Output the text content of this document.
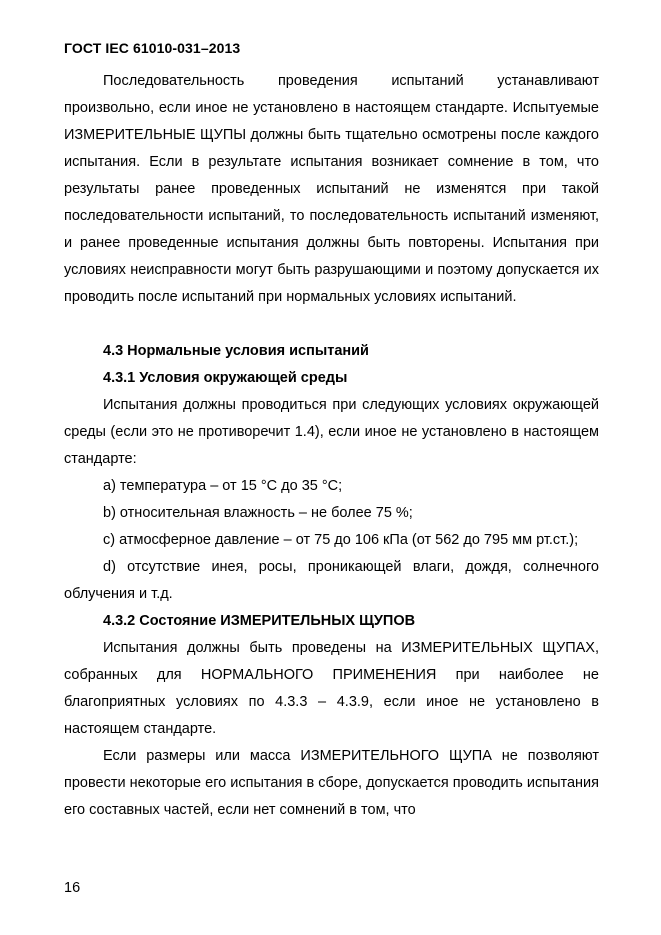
ГОСТ IEC 61010-031–2013

Последовательность проведения испытаний устанавливают произвольно, если иное не установлено в настоящем стандарте. Испытуемые ИЗМЕРИТЕЛЬНЫЕ ЩУПЫ должны быть тщательно осмотрены после каждого испытания. Если в результате испытания возникает сомнение в том, что результаты ранее проведенных испытаний не изменятся при такой последовательности испытаний, то последовательность испытаний изменяют, и ранее проведенные испытания должны быть повторены. Испытания при условиях неисправности могут быть разрушающими и поэтому допускается их проводить после испытаний при нормальных условиях испытаний.

4.3 Нормальные условия испытаний

4.3.1 Условия окружающей среды

Испытания должны проводиться при следующих условиях окружающей среды (если это не противоречит 1.4), если иное не установлено в настоящем стандарте:

a) температура – от 15 °С до 35 °С;

b) относительная влажность – не более 75 %;

c) атмосферное давление – от 75 до 106 кПа (от 562 до 795 мм рт.ст.);

d) отсутствие инея, росы, проникающей влаги, дождя, солнечного облучения и т.д.

4.3.2 Состояние ИЗМЕРИТЕЛЬНЫХ ЩУПОВ

Испытания должны быть проведены на ИЗМЕРИТЕЛЬНЫХ ЩУПАХ, собранных для НОРМАЛЬНОГО ПРИМЕНЕНИЯ при наиболее не благоприятных условиях по 4.3.3 – 4.3.9, если иное не установлено в настоящем стандарте.

Если размеры или масса ИЗМЕРИТЕЛЬНОГО ЩУПА не позволяют провести некоторые его испытания в сборе, допускается проводить испытания его составных частей, если нет сомнений в том, что

16
